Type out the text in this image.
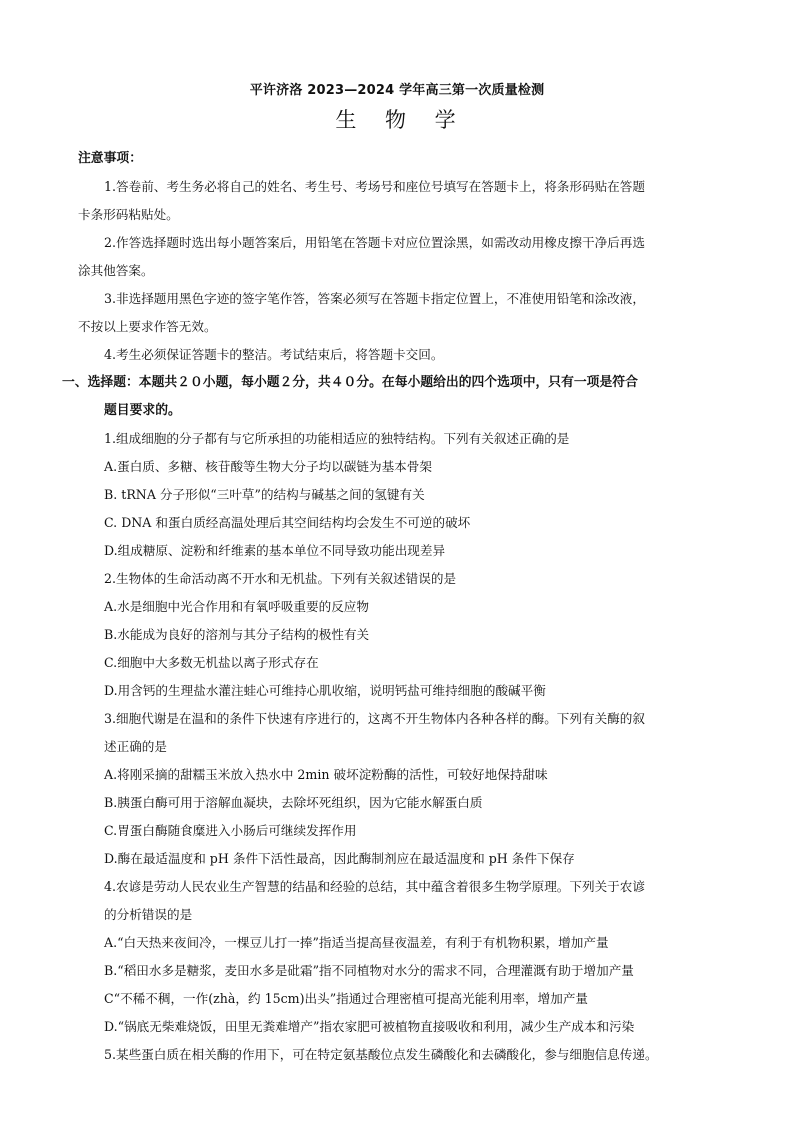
平许济洛 2023—2024 学年高三第一次质量检测
生 物 学
注意事项：
1.答卷前、考生务必将自己的姓名、考生号、考场号和座位号填写在答题卡上，将条形码贴在答题
卡条形码粘贴处。
2.作答选择题时选出每小题答案后，用铅笔在答题卡对应位置涂黑，如需改动用橡皮擦干净后再选
涂其他答案。
3.非选择题用黑色字迹的签字笔作答，答案必须写在答题卡指定位置上，不准使用铅笔和涂改液，
不按以上要求作答无效。
4.考生必须保证答题卡的整洁。考试结束后，将答题卡交回。
一、选择题：本题共２０小题，每小题２分，共４０分。在每小题给出的四个选项中，只有一项是符合
题目要求的。
1.组成细胞的分子都有与它所承担的功能相适应的独特结构。下列有关叙述正确的是
A.蛋白质、多糖、核苷酸等生物大分子均以碳链为基本骨架
B. tRNA 分子形似“三叶草”的结构与碱基之间的氢键有关
C. DNA 和蛋白质经高温处理后其空间结构均会发生不可逆的破坏
D.组成糖原、淀粉和纤维素的基本单位不同导致功能出现差异
2.生物体的生命活动离不开水和无机盐。下列有关叙述错误的是
A.水是细胞中光合作用和有氧呼吸重要的反应物
B.水能成为良好的溶剂与其分子结构的极性有关
C.细胞中大多数无机盐以离子形式存在
D.用含钙的生理盐水灌注蛙心可维持心肌收缩，说明钙盐可维持细胞的酸碱平衡
3.细胞代谢是在温和的条件下快速有序进行的，这离不开生物体内各种各样的酶。下列有关酶的叙
述正确的是
A.将刚采摘的甜糯玉米放入热水中 2min 破坏淀粉酶的活性，可较好地保持甜味
B.胰蛋白酶可用于溶解血凝块，去除坏死组织，因为它能水解蛋白质
C.胃蛋白酶随食糜进入小肠后可继续发挥作用
D.酶在最适温度和 pH 条件下活性最高，因此酶制剂应在最适温度和 pH 条件下保存
4.农谚是劳动人民农业生产智慧的结晶和经验的总结，其中蕴含着很多生物学原理。下列关于农谚
的分析错误的是
A.“白天热来夜间冷，一棵豆儿打一捧”指适当提高昼夜温差，有利于有机物积累，增加产量
B.“稻田水多是糖浆，麦田水多是砒霜”指不同植物对水分的需求不同，合理灌溉有助于增加产量
C“不稀不稠，一作(zhà，约 15cm)出头”指通过合理密植可提高光能利用率，增加产量
D.“锅底无柴难烧饭，田里无粪难增产”指农家肥可被植物直接吸收和利用，减少生产成本和污染
5.某些蛋白质在相关酶的作用下，可在特定氨基酸位点发生磷酸化和去磷酸化，参与细胞信息传递。
